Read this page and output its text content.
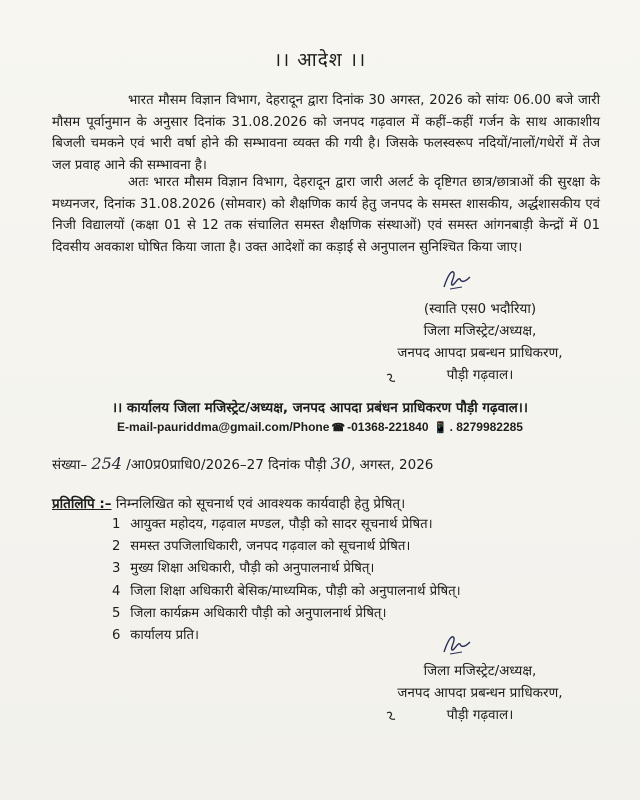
।। आदेश ।।

भारत मौसम विज्ञान विभाग, देहरादून द्वारा दिनांक 30 अगस्त, 2026 को सांयः 06.00 बजे जारी मौसम पूर्वानुमान के अनुसार दिनांक 31.08.2026 को जनपद गढ़वाल में कहीं–कहीं गर्जन के साथ आकाशीय बिजली चमकने एवं भारी वर्षा होने की सम्भावना व्यक्त की गयी है। जिसके फलस्वरूप नदियों/नालों/गधेरों में तेज जल प्रवाह आने की सम्भावना है।

अतः भारत मौसम विज्ञान विभाग, देहरादून द्वारा जारी अलर्ट के दृष्टिगत छात्र/छात्राओं की सुरक्षा के मध्यनजर, दिनांक 31.08.2026 (सोमवार) को शैक्षणिक कार्य हेतु जनपद के समस्त शासकीय, अर्द्धशासकीय एवं निजी विद्यालयों (कक्षा 01 से 12 तक संचालित समस्त शैक्षणिक संस्थाओं) एवं समस्त आंगनबाड़ी केन्द्रों में 01 दिवसीय अवकाश घोषित किया जाता है। उक्त आदेशों का कड़ाई से अनुपालन सुनिश्चित किया जाए।

(स्वाति एस0 भदौरिया)
जिला मजिस्ट्रेट/अध्यक्ष,
जनपद आपदा प्रबन्धन प्राधिकरण,
पौड़ी गढ़वाल।
।। कार्यालय जिला मजिस्ट्रेट/अध्यक्ष, जनपद आपदा प्रबंधन प्राधिकरण पौड़ी गढ़वाल।।
E-mail-pauriddma@gmail.com/Phone ☎ -01368-221840 📱 . 8279982285
संख्या– 254 /आ0प्र0प्राधि0/2026–27 दिनांक पौड़ी 30, अगस्त, 2026
प्रतिलिपि :– निम्नलिखित को सूचनार्थ एवं आवश्यक कार्यवाही हेतु प्रेषित्।
1 आयुक्त महोदय, गढ़वाल मण्डल, पौड़ी को सादर सूचनार्थ प्रेषित।
2 समस्त उपजिलाधिकारी, जनपद गढ़वाल को सूचनार्थ प्रेषित।
3 मुख्य शिक्षा अधिकारी, पौड़ी को अनुपालनार्थ प्रेषित्।
4 जिला शिक्षा अधिकारी बेसिक/माध्यमिक, पौड़ी को अनुपालनार्थ प्रेषित्।
5 जिला कार्यक्रम अधिकारी पौड़ी को अनुपालनार्थ प्रेषित्।
6 कार्यालय प्रति।
जिला मजिस्ट्रेट/अध्यक्ष,
जनपद आपदा प्रबन्धन प्राधिकरण,
पौड़ी गढ़वाल।
